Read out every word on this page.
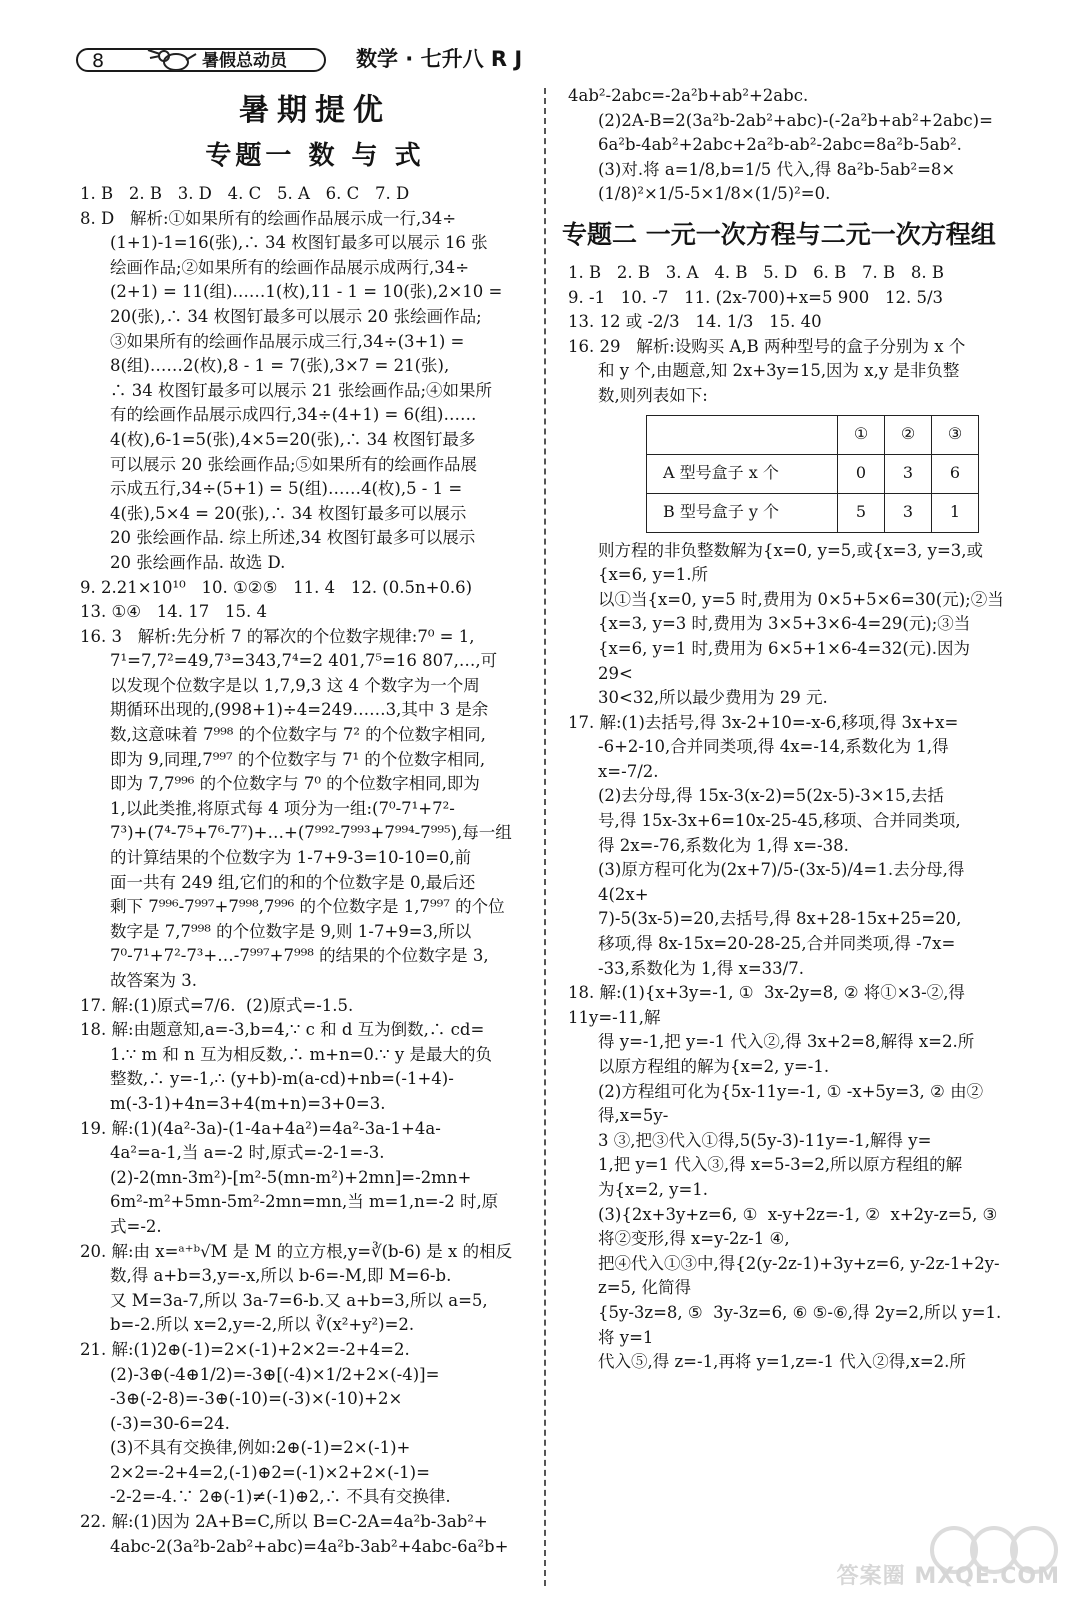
8	暑假总动员	数学 · 七升八 R J
暑期提优
专题一 数 与 式
1. B   2. B   3. D   4. C   5. A   6. C   7. D
8. D   解析:①如果所有的绘画作品展示成一行,34÷
(1+1)-1=16(张),∴ 34 枚图钉最多可以展示 16 张
绘画作品;②如果所有的绘画作品展示成两行,34÷
(2+1) = 11(组)……1(枚),11 - 1 = 10(张),2×10 =
20(张),∴ 34 枚图钉最多可以展示 20 张绘画作品;
③如果所有的绘画作品展示成三行,34÷(3+1) =
8(组)……2(枚),8 - 1 = 7(张),3×7 = 21(张),
∴ 34 枚图钉最多可以展示 21 张绘画作品;④如果所
有的绘画作品展示成四行,34÷(4+1) = 6(组)……
4(枚),6-1=5(张),4×5=20(张),∴ 34 枚图钉最多
可以展示 20 张绘画作品;⑤如果所有的绘画作品展
示成五行,34÷(5+1) = 5(组)……4(枚),5 - 1 =
4(张),5×4 = 20(张),∴ 34 枚图钉最多可以展示
20 张绘画作品. 综上所述,34 枚图钉最多可以展示
20 张绘画作品. 故选 D.
9. 2.21×10¹⁰   10. ①②⑤   11. 4   12. (0.5n+0.6)
13. ①④   14. 17   15. 4
16. 3   解析:先分析 7 的幂次的个位数字规律:7⁰ = 1,
7¹=7,7²=49,7³=343,7⁴=2 401,7⁵=16 807,…,可
以发现个位数字是以 1,7,9,3 这 4 个数字为一个周
期循环出现的,(998+1)÷4=249……3,其中 3 是余
数,这意味着 7⁹⁹⁸ 的个位数字与 7² 的个位数字相同,
即为 9,同理,7⁹⁹⁷ 的个位数字与 7¹ 的个位数字相同,
即为 7,7⁹⁹⁶ 的个位数字与 7⁰ 的个位数字相同,即为
1,以此类推,将原式每 4 项分为一组:(7⁰-7¹+7²-
7³)+(7⁴-7⁵+7⁶-7⁷)+…+(7⁹⁹²-7⁹⁹³+7⁹⁹⁴-7⁹⁹⁵),每一组
的计算结果的个位数字为 1-7+9-3=10-10=0,前
面一共有 249 组,它们的和的个位数字是 0,最后还
剩下 7⁹⁹⁶-7⁹⁹⁷+7⁹⁹⁸,7⁹⁹⁶ 的个位数字是 1,7⁹⁹⁷ 的个位
数字是 7,7⁹⁹⁸ 的个位数字是 9,则 1-7+9=3,所以
7⁰-7¹+7²-7³+…-7⁹⁹⁷+7⁹⁹⁸ 的结果的个位数字是 3,
故答案为 3.
17. 解:(1)原式=7/6.  (2)原式=-1.5.
18. 解:由题意知,a=-3,b=4,∵ c 和 d 互为倒数,∴ cd=
1.∵ m 和 n 互为相反数,∴ m+n=0.∵ y 是最大的负
整数,∴ y=-1,∴ (y+b)-m(a-cd)+nb=(-1+4)-
m(-3-1)+4n=3+4(m+n)=3+0=3.
19. 解:(1)(4a²-3a)-(1-4a+4a²)=4a²-3a-1+4a-
4a²=a-1,当 a=-2 时,原式=-2-1=-3.
(2)-2(mn-3m²)-[m²-5(mn-m²)+2mn]=-2mn+
6m²-m²+5mn-5m²-2mn=mn,当 m=1,n=-2 时,原
式=-2.
20. 解:由 x=ᵃ⁺ᵇ√M 是 M 的立方根,y=∛(b-6) 是 x 的相反
数,得 a+b=3,y=-x,所以 b-6=-M,即 M=6-b.
又 M=3a-7,所以 3a-7=6-b.又 a+b=3,所以 a=5,
b=-2.所以 x=2,y=-2,所以 ∛(x²+y²)=2.
21. 解:(1)2⊕(-1)=2×(-1)+2×2=-2+4=2.
(2)-3⊕(-4⊕1/2)=-3⊕[(-4)×1/2+2×(-4)]=
-3⊕(-2-8)=-3⊕(-10)=(-3)×(-10)+2×
(-3)=30-6=24.
(3)不具有交换律,例如:2⊕(-1)=2×(-1)+
2×2=-2+4=2,(-1)⊕2=(-1)×2+2×(-1)=
-2-2=-4.∵ 2⊕(-1)≠(-1)⊕2,∴ 不具有交换律.
22. 解:(1)因为 2A+B=C,所以 B=C-2A=4a²b-3ab²+
4abc-2(3a²b-2ab²+abc)=4a²b-3ab²+4abc-6a²b+
4ab²-2abc=-2a²b+ab²+2abc.
(2)2A-B=2(3a²b-2ab²+abc)-(-2a²b+ab²+2abc)=
6a²b-4ab²+2abc+2a²b-ab²-2abc=8a²b-5ab².
(3)对.将 a=1/8,b=1/5 代入,得 8a²b-5ab²=8×
(1/8)²×1/5-5×1/8×(1/5)²=0.
专题二 一元一次方程与二元一次方程组
1. B   2. B   3. A   4. B   5. D   6. B   7. B   8. B
9. -1   10. -7   11. (2x-700)+x=5 900   12. 5/3
13. 12 或 -2/3   14. 1/3   15. 40
16. 29   解析:设购买 A,B 两种型号的盒子分别为 x 个
和 y 个,由题意,知 2x+3y=15,因为 x,y 是非负整
数,则列表如下:
	①	②	③
A 型号盒子 x 个	0	3	6
B 型号盒子 y 个	5	3	1
则方程的非负整数解为{x=0, y=5,或{x=3, y=3,或{x=6, y=1.所
以①当{x=0, y=5 时,费用为 0×5+5×6=30(元);②当
{x=3, y=3 时,费用为 3×5+3×6-4=29(元);③当
{x=6, y=1 时,费用为 6×5+1×6-4=32(元).因为 29<
30<32,所以最少费用为 29 元.
17. 解:(1)去括号,得 3x-2+10=-x-6,移项,得 3x+x=
-6+2-10,合并同类项,得 4x=-14,系数化为 1,得
x=-7/2.
(2)去分母,得 15x-3(x-2)=5(2x-5)-3×15,去括
号,得 15x-3x+6=10x-25-45,移项、合并同类项,
得 2x=-76,系数化为 1,得 x=-38.
(3)原方程可化为(2x+7)/5-(3x-5)/4=1.去分母,得 4(2x+
7)-5(3x-5)=20,去括号,得 8x+28-15x+25=20,
移项,得 8x-15x=20-28-25,合并同类项,得 -7x=
-33,系数化为 1,得 x=33/7.
18. 解:(1){x+3y=-1, ①  3x-2y=8, ② 将①×3-②,得 11y=-11,解
得 y=-1,把 y=-1 代入②,得 3x+2=8,解得 x=2.所
以原方程组的解为{x=2, y=-1.
(2)方程组可化为{5x-11y=-1, ① -x+5y=3, ② 由②得,x=5y-
3 ③,把③代入①得,5(5y-3)-11y=-1,解得 y=
1,把 y=1 代入③,得 x=5-3=2,所以原方程组的解
为{x=2, y=1.
(3){2x+3y+z=6, ①  x-y+2z=-1, ②  x+2y-z=5, ③ 将②变形,得 x=y-2z-1 ④,
把④代入①③中,得{2(y-2z-1)+3y+z=6, y-2z-1+2y-z=5, 化简得
{5y-3z=8, ⑤  3y-3z=6, ⑥ ⑤-⑥,得 2y=2,所以 y=1.将 y=1
代入⑤,得 z=-1,再将 y=1,z=-1 代入②得,x=2.所
答案圈 MXQE.COM
